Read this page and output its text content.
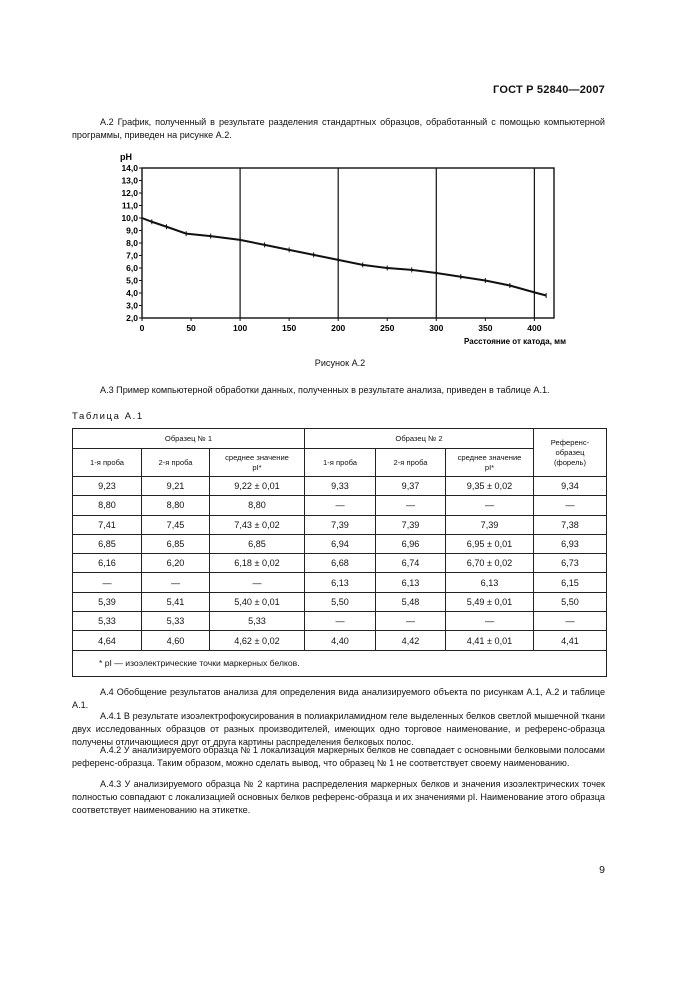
ГОСТ Р 52840—2007
А.2 График, полученный в результате разделения стандартных образцов, обработанный с помощью компьютерной программы, приведен на рисунке А.2.
14,0
13,0
12,0
11,0
10,0
9,0
8,0
7,0
6,0
5,0
4,0
3,0
2,0
0	50	100	150	200	250	300	350	400
pH
Расстояние от катода, мм
Рисунок А.2
А.3 Пример компьютерной обработки данных, полученных в результате анализа, приведен в таблице А.1.
Таблица А.1
Образец № 1			Образец № 2			Референс-образец (форель)
1-я проба	2-я проба	среднее значение pI*	1-я проба	2-я проба	среднее значение pI*	
9,23	9,21	9,22 ± 0,01	9,33	9,37	9,35 ± 0,02	9,34
8,80	8,80	8,80	—	—	—	—
7,41	7,45	7,43 ± 0,02	7,39	7,39	7,39	7,38
6,85	6,85	6,85	6,94	6,96	6,95 ± 0,01	6,93
6,16	6,20	6,18 ± 0,02	6,68	6,74	6,70 ± 0,02	6,73
—	—	—	6,13	6,13	6,13	6,15
5,39	5,41	5,40 ± 0,01	5,50	5,48	5,49 ± 0,01	5,50
5,33	5,33	5,33	—	—	—	—
4,64	4,60	4,62 ± 0,02	4,40	4,42	4,41 ± 0,01	4,41
* pI — изоэлектрические точки маркерных белков.						
А.4 Обобщение результатов анализа для определения вида анализируемого объекта по рисункам А.1, А.2 и таблице А.1.
А.4.1 В результате изоэлектрофокусирования в полиакриламидном геле выделенных белков светлой мышечной ткани двух исследованных образцов от разных производителей, имеющих одно торговое наименование, и референс-образца получены отличающиеся друг от друга картины распределения белковых полос.
А.4.2 У анализируемого образца № 1 локализация маркерных белков не совпадает с основными белковыми полосами референс-образца. Таким образом, можно сделать вывод, что образец № 1 не соответствует своему наименованию.
А.4.3 У анализируемого образца № 2 картина распределения маркерных белков и значения изоэлектрических точек полностью совпадают с локализацией основных белков референс-образца и их значениями pI. Наименование этого образца соответствует наименованию на этикетке.
9
